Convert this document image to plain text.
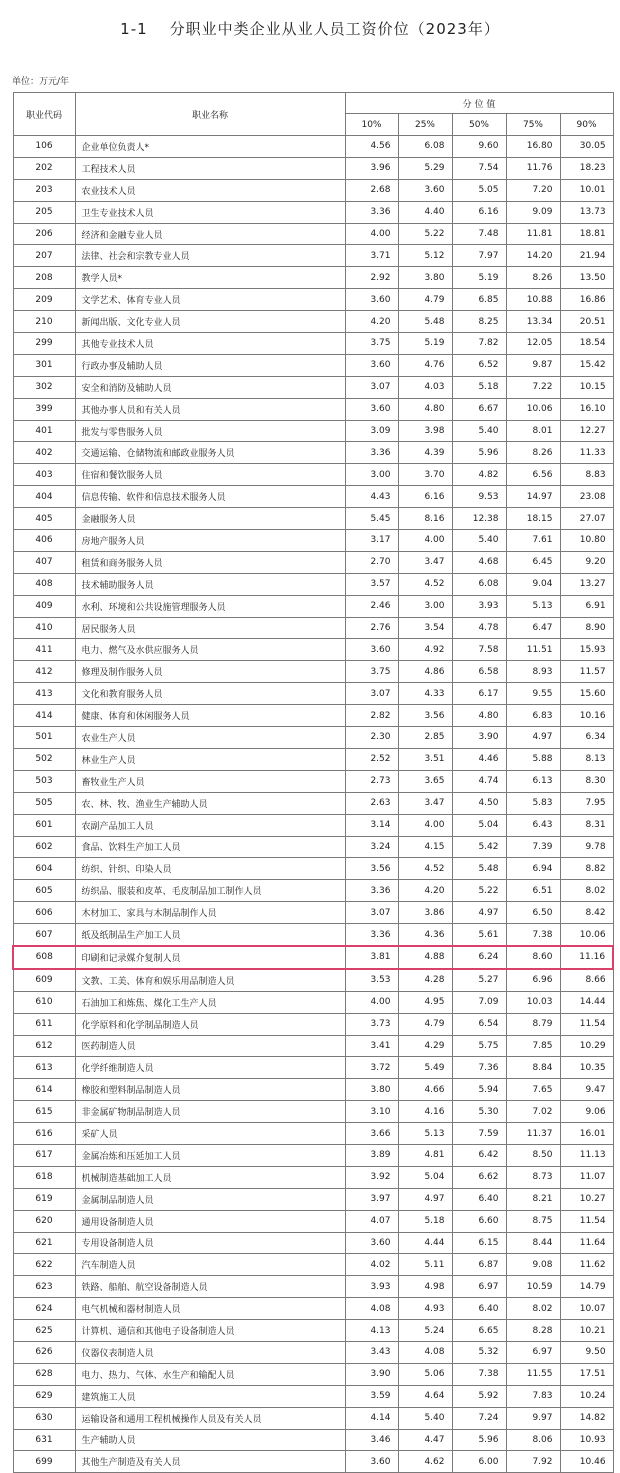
1-1 分职业中类企业从业人员工资价位（2023年）
单位：万元/年
职业代码	职业名称	分 位 值				
		10%	25%	50%	75%	90%
106	企业单位负责人*	4.56	6.08	9.60	16.80	30.05
202	工程技术人员	3.96	5.29	7.54	11.76	18.23
203	农业技术人员	2.68	3.60	5.05	7.20	10.01
205	卫生专业技术人员	3.36	4.40	6.16	9.09	13.73
206	经济和金融专业人员	4.00	5.22	7.48	11.81	18.81
207	法律、社会和宗教专业人员	3.71	5.12	7.97	14.20	21.94
208	教学人员*	2.92	3.80	5.19	8.26	13.50
209	文学艺术、体育专业人员	3.60	4.79	6.85	10.88	16.86
210	新闻出版、文化专业人员	4.20	5.48	8.25	13.34	20.51
299	其他专业技术人员	3.75	5.19	7.82	12.05	18.54
301	行政办事及辅助人员	3.60	4.76	6.52	9.87	15.42
302	安全和消防及辅助人员	3.07	4.03	5.18	7.22	10.15
399	其他办事人员和有关人员	3.60	4.80	6.67	10.06	16.10
401	批发与零售服务人员	3.09	3.98	5.40	8.01	12.27
402	交通运输、仓储物流和邮政业服务人员	3.36	4.39	5.96	8.26	11.33
403	住宿和餐饮服务人员	3.00	3.70	4.82	6.56	8.83
404	信息传输、软件和信息技术服务人员	4.43	6.16	9.53	14.97	23.08
405	金融服务人员	5.45	8.16	12.38	18.15	27.07
406	房地产服务人员	3.17	4.00	5.40	7.61	10.80
407	租赁和商务服务人员	2.70	3.47	4.68	6.45	9.20
408	技术辅助服务人员	3.57	4.52	6.08	9.04	13.27
409	水利、环境和公共设施管理服务人员	2.46	3.00	3.93	5.13	6.91
410	居民服务人员	2.76	3.54	4.78	6.47	8.90
411	电力、燃气及水供应服务人员	3.60	4.92	7.58	11.51	15.93
412	修理及制作服务人员	3.75	4.86	6.58	8.93	11.57
413	文化和教育服务人员	3.07	4.33	6.17	9.55	15.60
414	健康、体育和休闲服务人员	2.82	3.56	4.80	6.83	10.16
501	农业生产人员	2.30	2.85	3.90	4.97	6.34
502	林业生产人员	2.52	3.51	4.46	5.88	8.13
503	畜牧业生产人员	2.73	3.65	4.74	6.13	8.30
505	农、林、牧、渔业生产辅助人员	2.63	3.47	4.50	5.83	7.95
601	农副产品加工人员	3.14	4.00	5.04	6.43	8.31
602	食品、饮料生产加工人员	3.24	4.15	5.42	7.39	9.78
604	纺织、针织、印染人员	3.56	4.52	5.48	6.94	8.82
605	纺织品、服装和皮革、毛皮制品加工制作人员	3.36	4.20	5.22	6.51	8.02
606	木材加工、家具与木制品制作人员	3.07	3.86	4.97	6.50	8.42
607	纸及纸制品生产加工人员	3.36	4.36	5.61	7.38	10.06
608	印刷和记录媒介复制人员	3.81	4.88	6.24	8.60	11.16
609	文教、工美、体育和娱乐用品制造人员	3.53	4.28	5.27	6.96	8.66
610	石油加工和炼焦、煤化工生产人员	4.00	4.95	7.09	10.03	14.44
611	化学原料和化学制品制造人员	3.73	4.79	6.54	8.79	11.54
612	医药制造人员	3.41	4.29	5.75	7.85	10.29
613	化学纤维制造人员	3.72	5.49	7.36	8.84	10.35
614	橡胶和塑料制品制造人员	3.80	4.66	5.94	7.65	9.47
615	非金属矿物制品制造人员	3.10	4.16	5.30	7.02	9.06
616	采矿人员	3.66	5.13	7.59	11.37	16.01
617	金属冶炼和压延加工人员	3.89	4.81	6.42	8.50	11.13
618	机械制造基础加工人员	3.92	5.04	6.62	8.73	11.07
619	金属制品制造人员	3.97	4.97	6.40	8.21	10.27
620	通用设备制造人员	4.07	5.18	6.60	8.75	11.54
621	专用设备制造人员	3.60	4.44	6.15	8.44	11.64
622	汽车制造人员	4.02	5.11	6.87	9.08	11.62
623	铁路、船舶、航空设备制造人员	3.93	4.98	6.97	10.59	14.79
624	电气机械和器材制造人员	4.08	4.93	6.40	8.02	10.07
625	计算机、通信和其他电子设备制造人员	4.13	5.24	6.65	8.28	10.21
626	仪器仪表制造人员	3.43	4.08	5.32	6.97	9.50
628	电力、热力、气体、水生产和输配人员	3.90	5.06	7.38	11.55	17.51
629	建筑施工人员	3.59	4.64	5.92	7.83	10.24
630	运输设备和通用工程机械操作人员及有关人员	4.14	5.40	7.24	9.97	14.82
631	生产辅助人员	3.46	4.47	5.96	8.06	10.93
699	其他生产制造及有关人员	3.60	4.62	6.00	7.92	10.46
